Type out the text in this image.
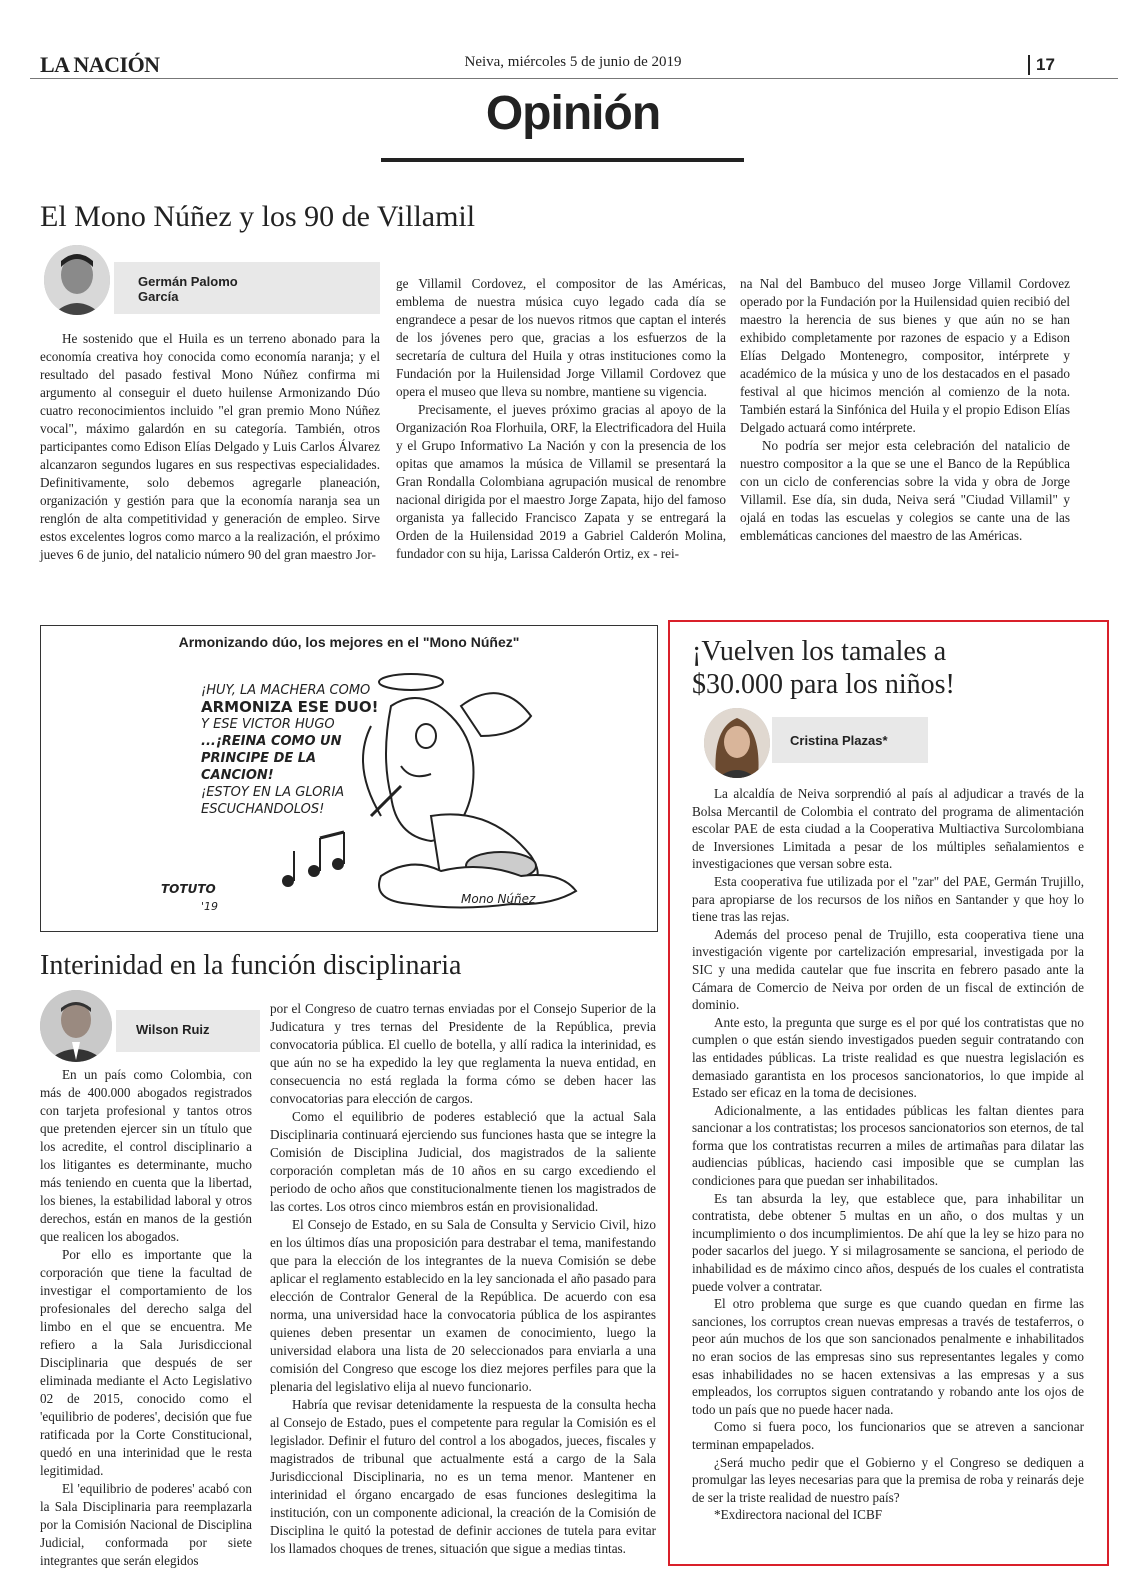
LA NACIÓN	Neiva, miércoles 5 de junio de 2019	17
Opinión
El Mono Núñez y los 90 de Villamil
Germán Palomo
García

He sostenido que el Huila es un terreno abonado para la economía creativa hoy conocida como economía naranja; y el resultado del pasado festival Mono Núñez confirma mi argumento al conseguir el dueto huilense Armonizando Dúo cuatro reconocimientos incluido "el gran premio Mono Núñez vocal", máximo galardón en su categoría. También, otros participantes como Edison Elías Delgado y Luis Carlos Álvarez alcanzaron segundos lugares en sus respectivas especialidades. Definitivamente, solo debemos agregarle planeación, organización y gestión para que la economía naranja sea un renglón de alta competitividad y generación de empleo. Sirve estos excelentes logros como marco a la realización, el próximo jueves 6 de junio, del natalicio número 90 del gran maestro Jor-

ge Villamil Cordovez, el compositor de las Américas, emblema de nuestra música cuyo legado cada día se engrandece a pesar de los nuevos ritmos que captan el interés de los jóvenes pero que, gracias a los esfuerzos de la secretaría de cultura del Huila y otras instituciones como la Fundación por la Huilensidad Jorge Villamil Cordovez que opera el museo que lleva su nombre, mantiene su vigencia.

Precisamente, el jueves próximo gracias al apoyo de la Organización Roa Florhuila, ORF, la Electrificadora del Huila y el Grupo Informativo La Nación y con la presencia de los opitas que amamos la música de Villamil se presentará la Gran Rondalla Colombiana agrupación musical de renombre nacional dirigida por el maestro Jorge Zapata, hijo del famoso organista ya fallecido Francisco Zapata y se entregará la Orden de la Huilensidad 2019 a Gabriel Calderón Molina, fundador con su hija, Larissa Calderón Ortiz, ex - rei-

na Nal del Bambuco del museo Jorge Villamil Cordovez operado por la Fundación por la Huilensidad quien recibió del maestro la herencia de sus bienes y que aún no se han exhibido completamente por razones de espacio y a Edison Elías Delgado Montenegro, compositor, intérprete y académico de la música y uno de los destacados en el pasado festival al que hicimos mención al comienzo de la nota. También estará la Sinfónica del Huila y el propio Edison Elías Delgado actuará como intérprete.

No podría ser mejor esta celebración del natalicio de nuestro compositor a la que se une el Banco de la República con un ciclo de conferencias sobre la vida y obra de Jorge Villamil. Ese día, sin duda, Neiva será "Ciudad Villamil" y ojalá en todas las escuelas y colegios se cante una de las emblemáticas canciones del maestro de las Américas.

Armonizando dúo, los mejores en el "Mono Núñez"
¡HUY, LA MACHERA COMO
ARMONIZA ESE DUO!
Y ESE VICTOR HUGO
...¡REINA COMO UN
PRINCIPE DE LA
CANCION!
¡ESTOY EN LA GLORIA
ESCUCHANDOLOS!
Mono Núñez
TOTUTO
'19
Interinidad en la función disciplinaria
Wilson Ruiz

En un país como Colombia, con más de 400.000 abogados registrados con tarjeta profesional y tantos otros que pretenden ejercer sin un título que los acredite, el control disciplinario a los litigantes es determinante, mucho más teniendo en cuenta que la libertad, los bienes, la estabilidad laboral y otros derechos, están en manos de la gestión que realicen los abogados.

Por ello es importante que la corporación que tiene la facultad de investigar el comportamiento de los profesionales del derecho salga del limbo en el que se encuentra. Me refiero a la Sala Jurisdiccional Disciplinaria que después de ser eliminada mediante el Acto Legislativo 02 de 2015, conocido como el 'equilibrio de poderes', decisión que fue ratificada por la Corte Constitucional, quedó en una interinidad que le resta legitimidad.

El 'equilibrio de poderes' acabó con la Sala Disciplinaria para reemplazarla por la Comisión Nacional de Disciplina Judicial, conformada por siete integrantes que serán elegidos

por el Congreso de cuatro ternas enviadas por el Consejo Superior de la Judicatura y tres ternas del Presidente de la República, previa convocatoria pública. El cuello de botella, y allí radica la interinidad, es que aún no se ha expedido la ley que reglamenta la nueva entidad, en consecuencia no está reglada la forma cómo se deben hacer las convocatorias para elección de cargos.

Como el equilibrio de poderes estableció que la actual Sala Disciplinaria continuará ejerciendo sus funciones hasta que se integre la Comisión de Disciplina Judicial, dos magistrados de la saliente corporación completan más de 10 años en su cargo excediendo el periodo de ocho años que constitucionalmente tienen los magistrados de las cortes. Los otros cinco miembros están en provisionalidad.

El Consejo de Estado, en su Sala de Consulta y Servicio Civil, hizo en los últimos días una proposición para destrabar el tema, manifestando que para la elección de los integrantes de la nueva Comisión se debe aplicar el reglamento establecido en la ley sancionada el año pasado para elección de Contralor General de la República. De acuerdo con esa norma, una universidad hace la convocatoria pública de los aspirantes quienes deben presentar un examen de conocimiento, luego la universidad elabora una lista de 20 seleccionados para enviarla a una comisión del Congreso que escoge los diez mejores perfiles para que la plenaria del legislativo elija al nuevo funcionario.

Habría que revisar detenidamente la respuesta de la consulta hecha al Consejo de Estado, pues el competente para regular la Comisión es el legislador. Definir el futuro del control a los abogados, jueces, fiscales y magistrados de tribunal que actualmente está a cargo de la Sala Jurisdiccional Disciplinaria, no es un tema menor. Mantener en interinidad el órgano encargado de esas funciones deslegitima la institución, con un componente adicional, la creación de la Comisión de Disciplina le quitó la potestad de definir acciones de tutela para evitar los llamados choques de trenes, situación que sigue a medias tintas.

¡Vuelven los tamales a
$30.000 para los niños!
Cristina Plazas*

La alcaldía de Neiva sorprendió al país al adjudicar a través de la Bolsa Mercantil de Colombia el contrato del programa de alimentación escolar PAE de esta ciudad a la Cooperativa Multiactiva Surcolombiana de Inversiones Limitada a pesar de los múltiples señalamientos e investigaciones que versan sobre esta.

Esta cooperativa fue utilizada por el "zar" del PAE, Germán Trujillo, para apropiarse de los recursos de los niños en Santander y que hoy lo tiene tras las rejas.

Además del proceso penal de Trujillo, esta cooperativa tiene una investigación vigente por cartelización empresarial, investigada por la SIC y una medida cautelar que fue inscrita en febrero pasado ante la Cámara de Comercio de Neiva por orden de un fiscal de extinción de dominio.

Ante esto, la pregunta que surge es el por qué los contratistas que no cumplen o que están siendo investigados pueden seguir contratando con las entidades públicas. La triste realidad es que nuestra legislación es demasiado garantista en los procesos sancionatorios, lo que impide al Estado ser eficaz en la toma de decisiones.

Adicionalmente, a las entidades públicas les faltan dientes para sancionar a los contratistas; los procesos sancionatorios son eternos, de tal forma que los contratistas recurren a miles de artimañas para dilatar las audiencias públicas, haciendo casi imposible que se cumplan las condiciones para que puedan ser inhabilitados.

Es tan absurda la ley, que establece que, para inhabilitar un contratista, debe obtener 5 multas en un año, o dos multas y un incumplimiento o dos incumplimientos. De ahí que la ley se hizo para no poder sacarlos del juego. Y si milagrosamente se sanciona, el periodo de inhabilidad es de máximo cinco años, después de los cuales el contratista puede volver a contratar.

El otro problema que surge es que cuando quedan en firme las sanciones, los corruptos crean nuevas empresas a través de testaferros, o peor aún muchos de los que son sancionados penalmente e inhabilitados no eran socios de las empresas sino sus representantes legales y como esas inhabilidades no se hacen extensivas a las empresas y a sus empleados, los corruptos siguen contratando y robando ante los ojos de todo un país que no puede hacer nada.

Como si fuera poco, los funcionarios que se atreven a sancionar terminan empapelados.

¿Será mucho pedir que el Gobierno y el Congreso se dediquen a promulgar las leyes necesarias para que la premisa de roba y reinarás deje de ser la triste realidad de nuestro país?

*Exdirectora nacional del ICBF
